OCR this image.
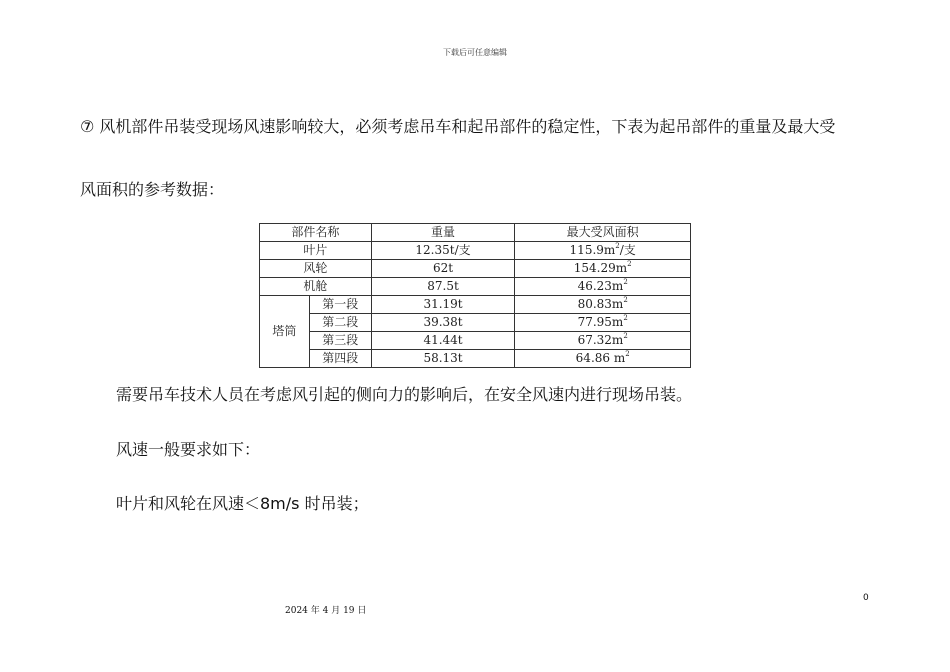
下载后可任意编辑
⑦ 风机部件吊装受现场风速影响较大，必须考虑吊车和起吊部件的稳定性，下表为起吊部件的重量及最大受
风面积的参考数据：
部件名称		重量	最大受风面积
叶片		12.35t/支	$115.9m^2/$支
风轮		62t	$154.29m^2$
机舱		87.5t	$46.23m^2$
塔筒	第一段	31.19t	$80.83m^2$
	第二段	39.38t	$77.95m^2$
	第三段	41.44t	$67.32m^2$
	第四段	58.13t	64.86 $m^2$
需要吊车技术人员在考虑风引起的侧向力的影响后，在安全风速内进行现场吊装。
风速一般要求如下：
叶片和风轮在风速＜8m/s 时吊装；
2024 年 4 月 19 日
0
